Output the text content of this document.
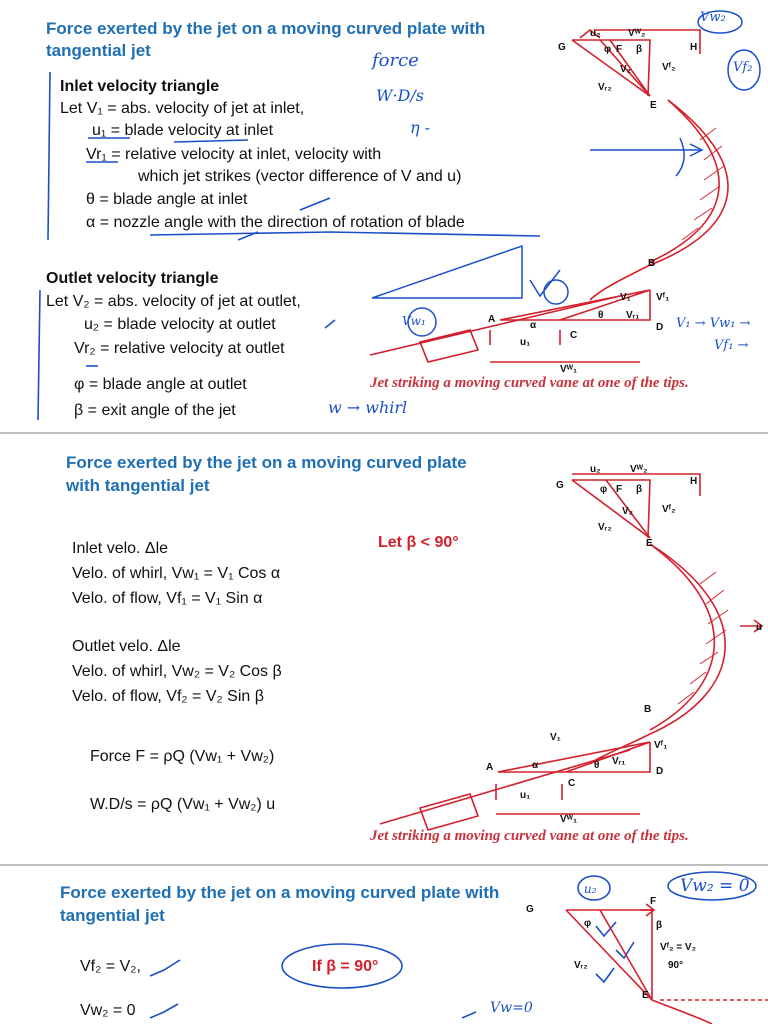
Force exerted by the jet on a moving curved plate with
tangential jet
Inlet velocity triangle
Let V₁ = abs. velocity of jet at inlet,
u₁ = blade velocity at inlet
Vr₁ = relative velocity at inlet, velocity with
which jet strikes (vector difference of V and u)
θ = blade angle at inlet
α = nozzle angle with the direction of rotation of blade
Outlet velocity triangle
Let V₂ = abs. velocity of jet at outlet,
u₂ = blade velocity at outlet
Vr₂ = relative velocity at outlet
φ = blade angle at outlet
β = exit angle of the jet
Jet striking a moving curved vane at one of the tips.
force
W·D/s
η -
Vw₂
Vf₂
w → whirl
Vw₁	V₁ → Vw₁ →
Vf₁ →
G	H
F
E
B
A
C
D
u₂	Vᵂ₂
V₂
Vᵣ₂
Vᶠ₂
φ β
V₁
Vᵣ₁
Vᶠ₁
α
θ
u₁
Vᵂ₁
Force exerted by the jet on a moving curved plate
with tangential jet
Let β < 90°
Inlet velo. Δle
Velo. of whirl, Vw₁ = V₁ Cos α
Velo. of flow, Vf₁ = V₁ Sin α
Outlet velo. Δle
Velo. of whirl, Vw₂ = V₂ Cos β
Velo. of flow, Vf₂ = V₂ Sin β
Force F = ρQ (Vw₁ + Vw₂)
W.D/s = ρQ (Vw₁ + Vw₂) u
Jet striking a moving curved vane at one of the tips.
G	H
F
E
B
A
C
D
u
u₂	Vᵂ₂
V₂
Vᵣ₂
Vᶠ₂
φ	β
V₁
Vᵣ₁
Vᶠ₁
α	θ
u₁
Vᵂ₁
Force exerted by the jet on a moving curved plate with
tangential jet
Vf₂ = V₂,
Vw₂ = 0
If β = 90°
Vw₂ = 0
u₂
Vw=0
G
F
E
Vᵣ₂
β
φ
Vᶠ₂ = V₂
90°
